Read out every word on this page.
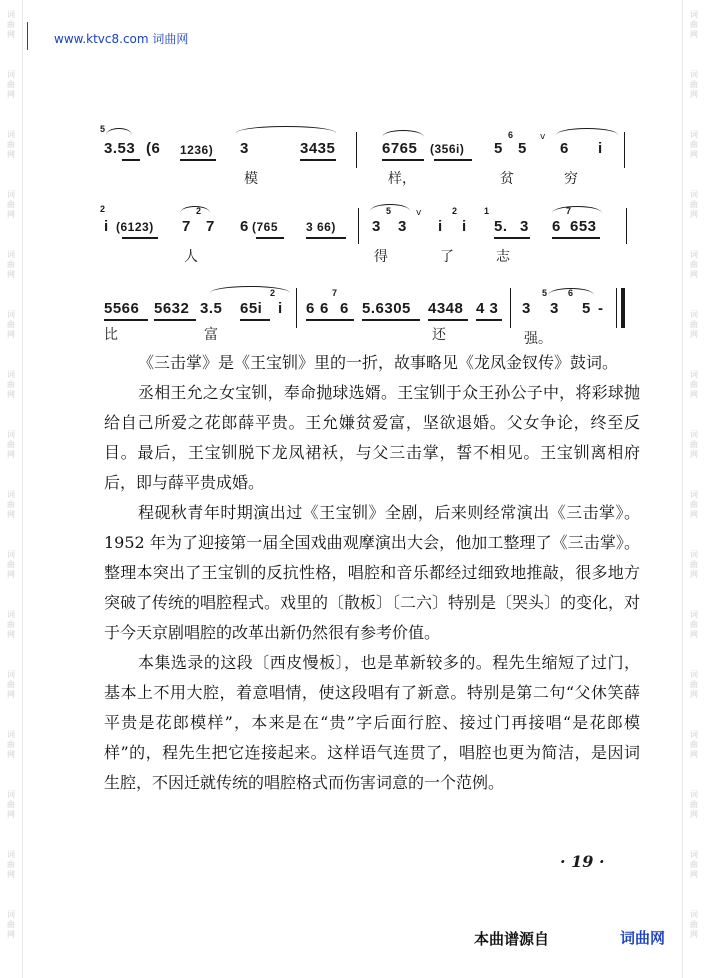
词
曲
网
词
曲
网
词
曲
网
词
曲
网
词
曲
网
词
曲
网
词
曲
网
词
曲
网
词
曲
网
词
曲
网
词
曲
网
词
曲
网
词
曲
网
词
曲
网
词
曲
网
词
曲
网
词
曲
网
词
曲
网
词
曲
网
词
曲
网
词
曲
网
词
曲
网
词
曲
网
词
曲
网
词
曲
网
词
曲
网
词
曲
网
词
曲
网
词
曲
网
词
曲
网
词
曲
网
词
曲
网
www.ktvc8.com 词曲网
5
3.53 (6 1236) 3	3435	6765 (356i) 5
6
5
v
6 i
模	样，	贫	穷
2
i (6123) 7
2
7 6 (765 3 66) 3
5
3
v
i
2
i
1
5. 3 6
7
653
人	得	了	志
5566 5632 3.5 65i
2
i 6 6
7
6 5.6305 4348 4 3 3
5
3
6
5 -
比	富	还	强。

《三击掌》是《王宝钏》里的一折，故事略见《龙凤金钗传》鼓词。

丞相王允之女宝钏，奉命抛球选婿。王宝钏于众王孙公子中，将彩球抛给自己所爱之花郎薛平贵。王允嫌贫爱富，坚欲退婚。父女争论，终至反目。最后，王宝钏脱下龙凤裙袄，与父三击掌，誓不相见。王宝钏离相府后，即与薛平贵成婚。

程砚秋青年时期演出过《王宝钏》全剧，后来则经常演出《三击掌》。1952 年为了迎接第一届全国戏曲观摩演出大会，他加工整理了《三击掌》。整理本突出了王宝钏的反抗性格，唱腔和音乐都经过细致地推敲，很多地方突破了传统的唱腔程式。戏里的〔散板〕〔二六〕特别是〔哭头〕的变化，对于今天京剧唱腔的改革出新仍然很有参考价值。

本集选录的这段〔西皮慢板〕，也是革新较多的。程先生缩短了过门，基本上不用大腔，着意唱情，使这段唱有了新意。特别是第二句“父休笑薛平贵是花郎模样”，本来是在“贵”字后面行腔、接过门再接唱“是花郎模样”的，程先生把它连接起来。这样语气连贯了，唱腔也更为简洁，是因词生腔，不因迁就传统的唱腔格式而伤害词意的一个范例。

· 19 ·
本曲谱源自	词曲网
